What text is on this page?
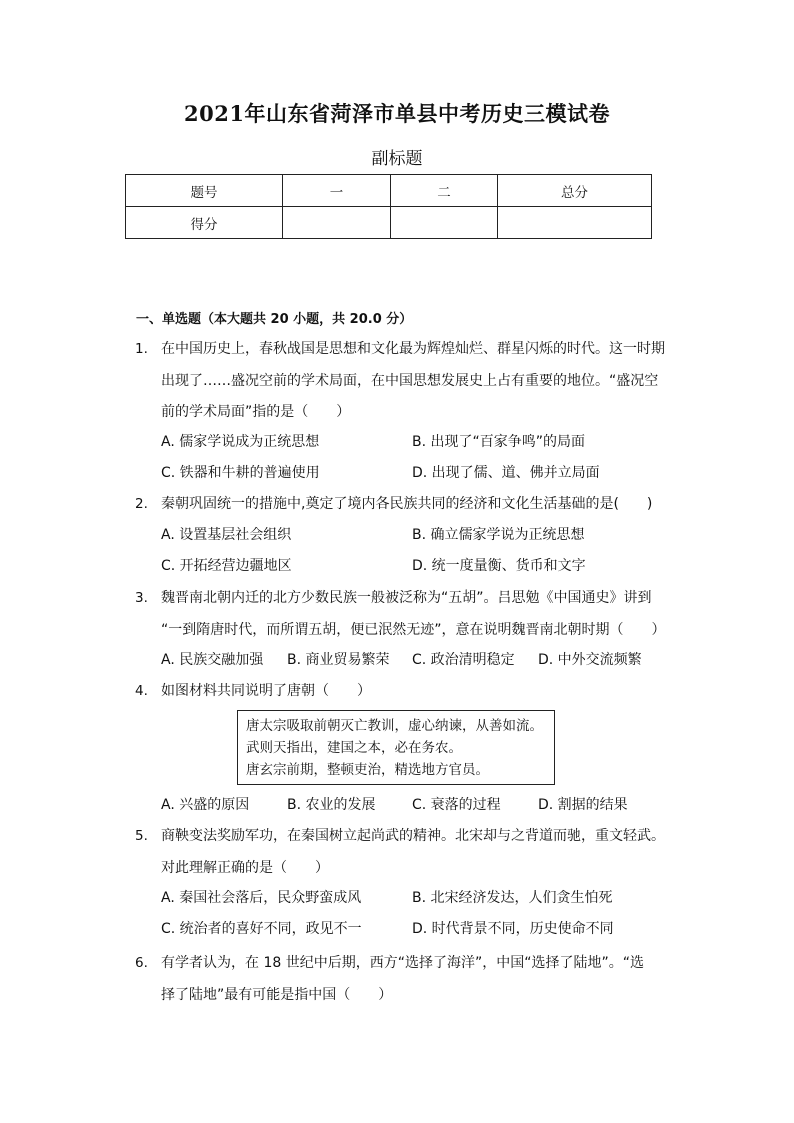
2021年山东省菏泽市单县中考历史三模试卷
副标题
题号	一	二	总分
得分			
一、单选题（本大题共 20 小题，共 20.0 分）
1. 在中国历史上，春秋战国是思想和文化最为辉煌灿烂、群星闪烁的时代。这一时期
出现了……盛况空前的学术局面，在中国思想发展史上占有重要的地位。“盛况空
前的学术局面”指的是（　　）
A. 儒家学说成为正统思想	B. 出现了“百家争鸣”的局面
C. 铁器和牛耕的普遍使用	D. 出现了儒、道、佛并立局面
2. 秦朝巩固统一的措施中,奠定了境内各民族共同的经济和文化生活基础的是(　　)
A. 设置基层社会组织	B. 确立儒家学说为正统思想
C. 开拓经营边疆地区	D. 统一度量衡、货币和文字
3. 魏晋南北朝内迁的北方少数民族一般被泛称为“五胡”。吕思勉《中国通史》讲到
“一到隋唐时代，而所谓五胡，便已泯然无迹”，意在说明魏晋南北朝时期（　　）
A. 民族交融加强 B. 商业贸易繁荣 C. 政治清明稳定 D. 中外交流频繁
4. 如图材料共同说明了唐朝（　　）
唐太宗吸取前朝灭亡教训，虚心纳谏，从善如流。
武则天指出，建国之本，必在务农。
唐玄宗前期，整顿吏治，精选地方官员。
A. 兴盛的原因	B. 农业的发展	C. 衰落的过程	D. 割据的结果
5. 商鞅变法奖励军功，在秦国树立起尚武的精神。北宋却与之背道而驰，重文轻武。
对此理解正确的是（　　）
A. 秦国社会落后，民众野蛮成风	B. 北宋经济发达，人们贪生怕死
C. 统治者的喜好不同，政见不一	D. 时代背景不同，历史使命不同
6. 有学者认为，在 18 世纪中后期，西方“选择了海洋”，中国“选择了陆地”。“选
择了陆地”最有可能是指中国（　　）
